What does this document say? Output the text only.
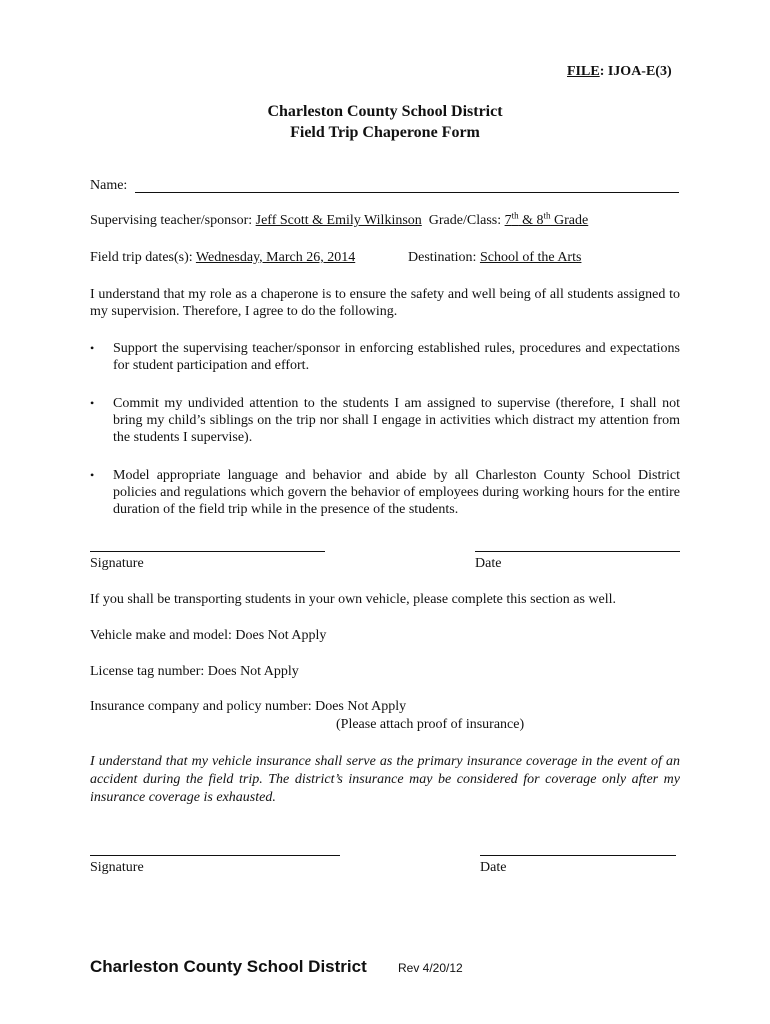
FILE: IJOA-E(3)
Charleston County School District
Field Trip Chaperone Form
Name:
Supervising teacher/sponsor: Jeff Scott & Emily Wilkinson Grade/Class: 7th & 8th Grade
Field trip dates(s): Wednesday, March 26, 2014	Destination: School of the Arts
I understand that my role as a chaperone is to ensure the safety and well being of all students assigned to my supervision. Therefore, I agree to do the following.
• Support the supervising teacher/sponsor in enforcing established rules, procedures and expectations for student participation and effort.
• Commit my undivided attention to the students I am assigned to supervise (therefore, I shall not bring my child’s siblings on the trip nor shall I engage in activities which distract my attention from the students I supervise).
• Model appropriate language and behavior and abide by all Charleston County School District policies and regulations which govern the behavior of employees during working hours for the entire duration of the field trip while in the presence of the students.
Signature	Date
If you shall be transporting students in your own vehicle, please complete this section as well.
Vehicle make and model: Does Not Apply
License tag number: Does Not Apply
Insurance company and policy number: Does Not Apply
(Please attach proof of insurance)
I understand that my vehicle insurance shall serve as the primary insurance coverage in the event of an accident during the field trip. The district’s insurance may be considered for coverage only after my insurance coverage is exhausted.
Signature	Date
Charleston County School District	Rev 4/20/12
